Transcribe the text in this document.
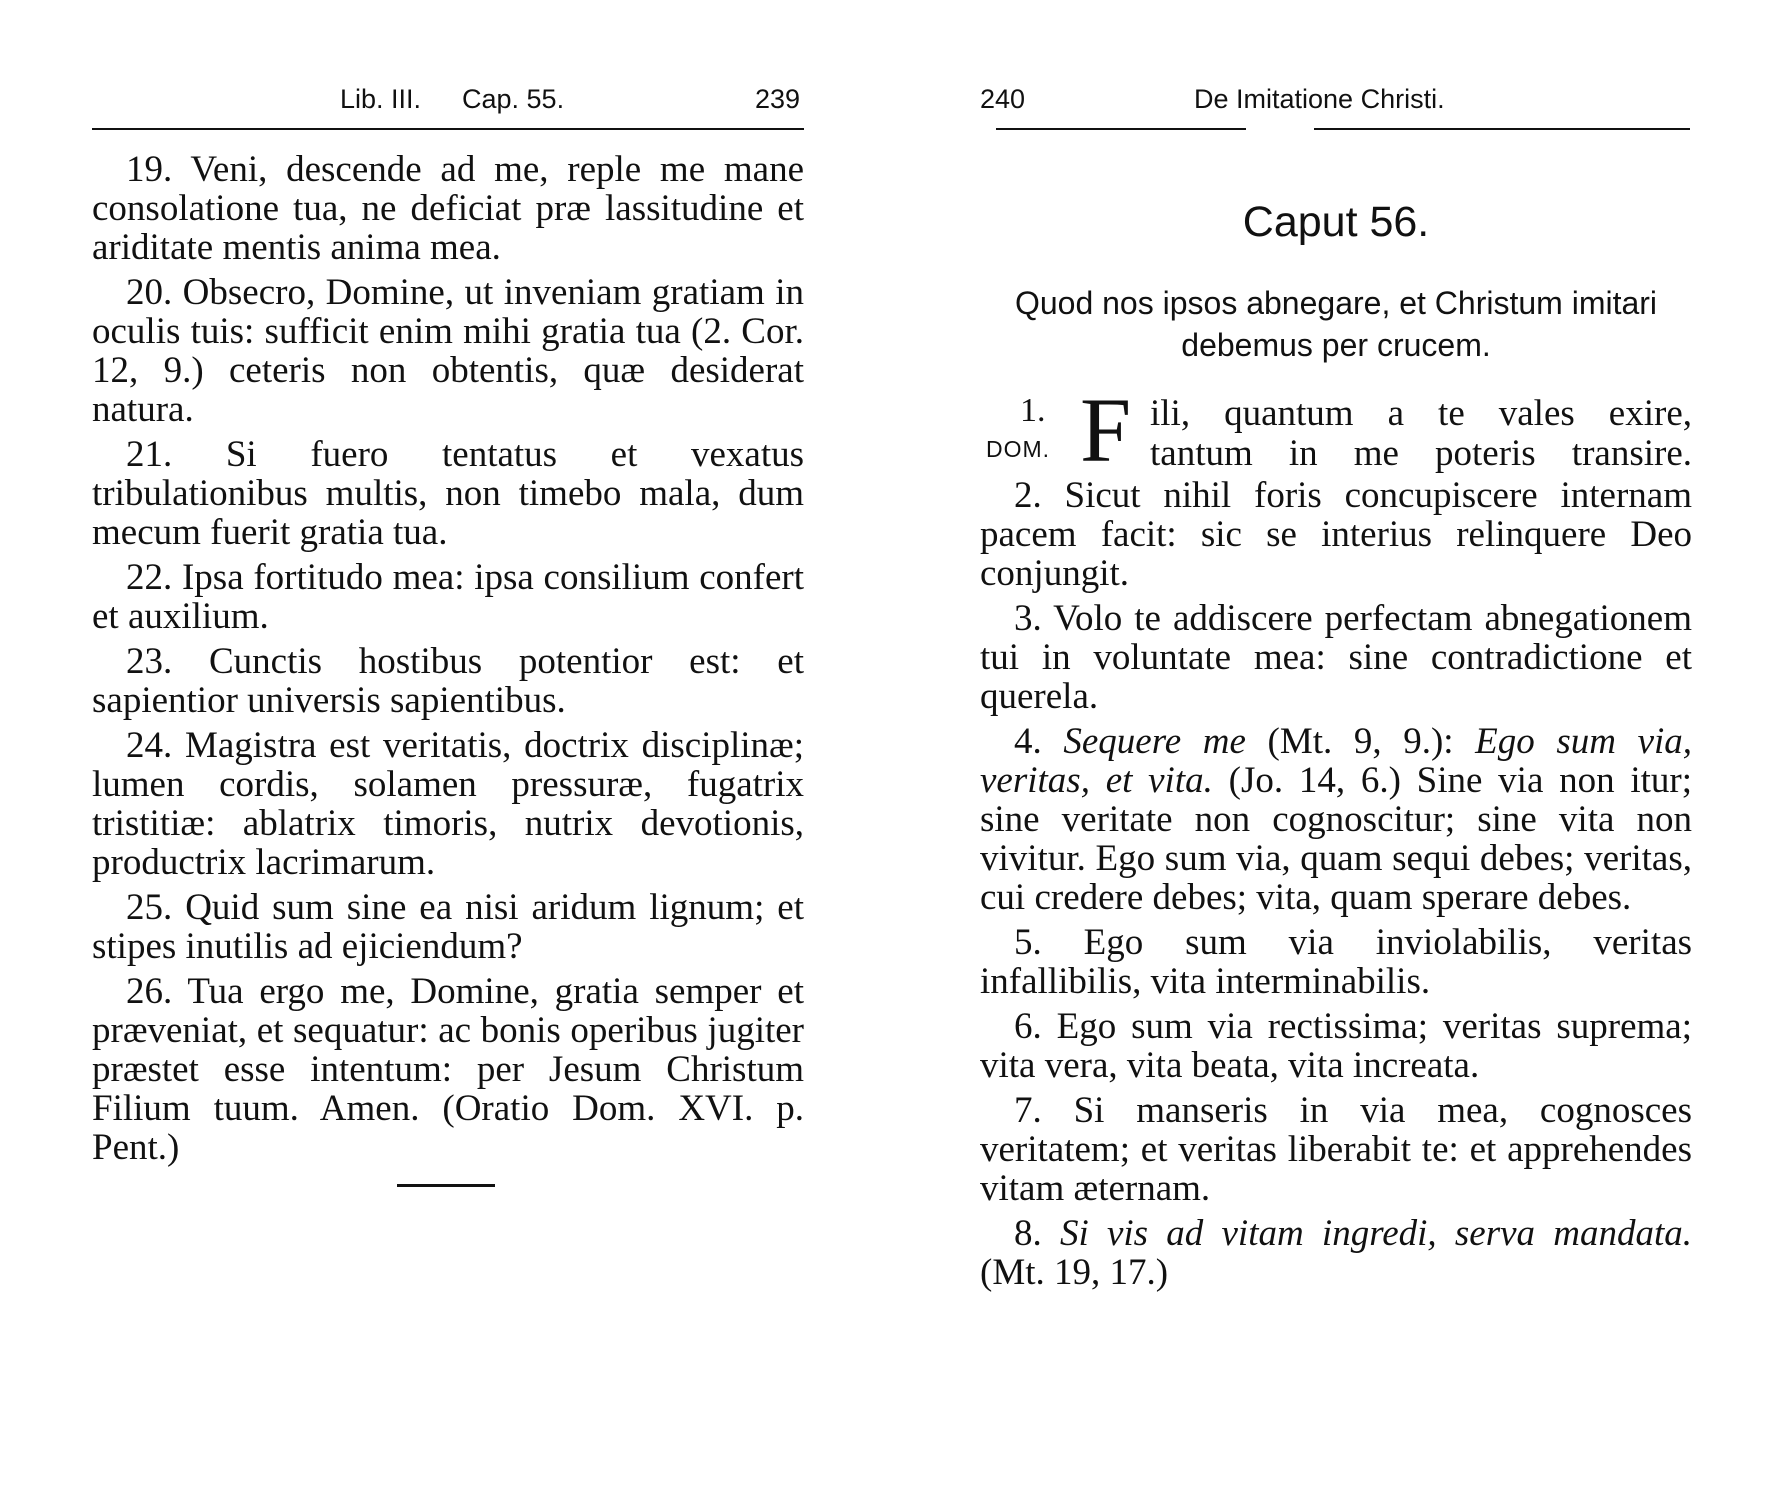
Lib. III. Cap. 55.	239

19. Veni, descende ad me, reple me mane consolatione tua, ne deficiat præ lassitudine et ariditate mentis anima mea.

20. Obsecro, Domine, ut inveniam gratiam in oculis tuis: sufficit enim mihi gratia tua (2. Cor. 12, 9.) ceteris non obtentis, quæ desiderat natura.

21. Si fuero tentatus et vexatus tribulationibus multis, non timebo mala, dum mecum fuerit gratia tua.

22. Ipsa fortitudo mea: ipsa consilium confert et auxilium.

23. Cunctis hostibus potentior est: et sapientior universis sapientibus.

24. Magistra est veritatis, doctrix disciplinæ; lumen cordis, solamen pressuræ, fugatrix tristitiæ: ablatrix timoris, nutrix devotionis, productrix lacrimarum.

25. Quid sum sine ea nisi aridum lignum; et stipes inutilis ad ejiciendum?

26. Tua ergo me, Domine, gratia semper et præveniat, et sequatur: ac bonis operibus jugiter præstet esse intentum: per Jesum Christum Filium tuum. Amen. (Oratio Dom. XVI. p. Pent.)

240	De Imitatione Christi.
Caput 56.
Quod nos ipsos abnegare, et Christum imitari debemus per crucem.
1.
DOM. F ili, quantum a te vales exire,
tantum in me poteris transire.

2. Sicut nihil foris concupiscere internam pacem facit: sic se interius relinquere Deo conjungit.

3. Volo te addiscere perfectam abnegationem tui in voluntate mea: sine contradictione et querela.

4. Sequere me (Mt. 9, 9.): Ego sum via, veritas, et vita. (Jo. 14, 6.) Sine via non itur; sine veritate non cognoscitur; sine vita non vivitur. Ego sum via, quam sequi debes; veritas, cui credere debes; vita, quam sperare debes.

5. Ego sum via inviolabilis, veritas infallibilis, vita interminabilis.

6. Ego sum via rectissima; veritas suprema; vita vera, vita beata, vita increata.

7. Si manseris in via mea, cognosces veritatem; et veritas liberabit te: et apprehendes vitam æternam.

8. Si vis ad vitam ingredi, serva mandata. (Mt. 19, 17.)
